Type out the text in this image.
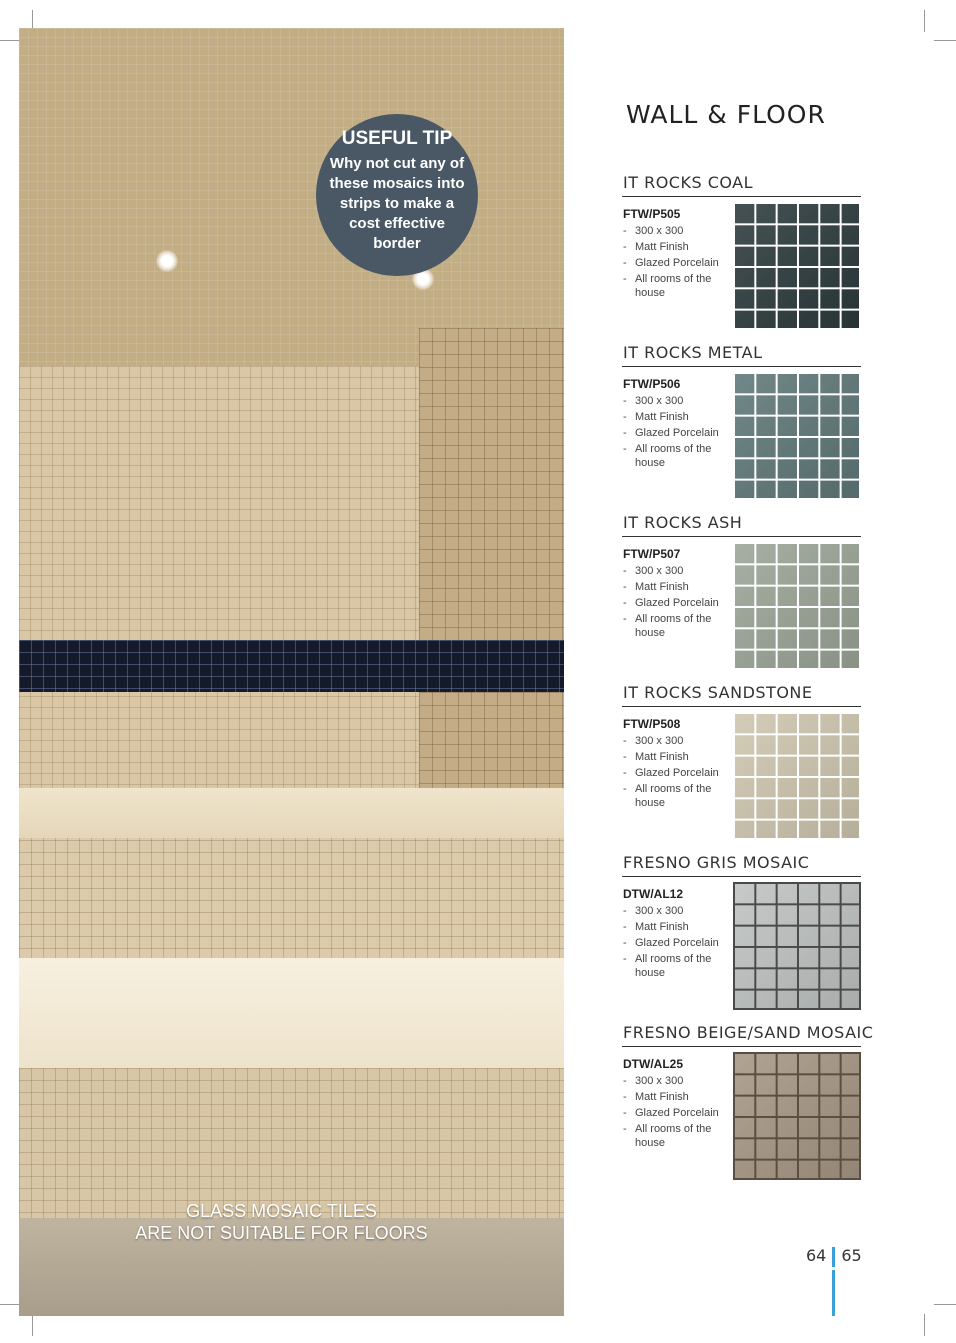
GLASS MOSAIC TILES
ARE NOT SUITABLE FOR FLOORS
USEFUL TIP
Why not cut any of these mosaics into strips to make a cost effective border
WALL & FLOOR
IT ROCKS COAL
FTW/P505
- 300 x 300
- Matt Finish
- Glazed Porcelain
- All rooms of the house
IT ROCKS METAL
FTW/P506
- 300 x 300
- Matt Finish
- Glazed Porcelain
- All rooms of the house
IT ROCKS ASH
FTW/P507
- 300 x 300
- Matt Finish
- Glazed Porcelain
- All rooms of the house
IT ROCKS SANDSTONE
FTW/P508
- 300 x 300
- Matt Finish
- Glazed Porcelain
- All rooms of the house
FRESNO GRIS MOSAIC
DTW/AL12
- 300 x 300
- Matt Finish
- Glazed Porcelain
- All rooms of the house
FRESNO BEIGE/SAND MOSAIC
DTW/AL25
- 300 x 300
- Matt Finish
- Glazed Porcelain
- All rooms of the house
64 65
